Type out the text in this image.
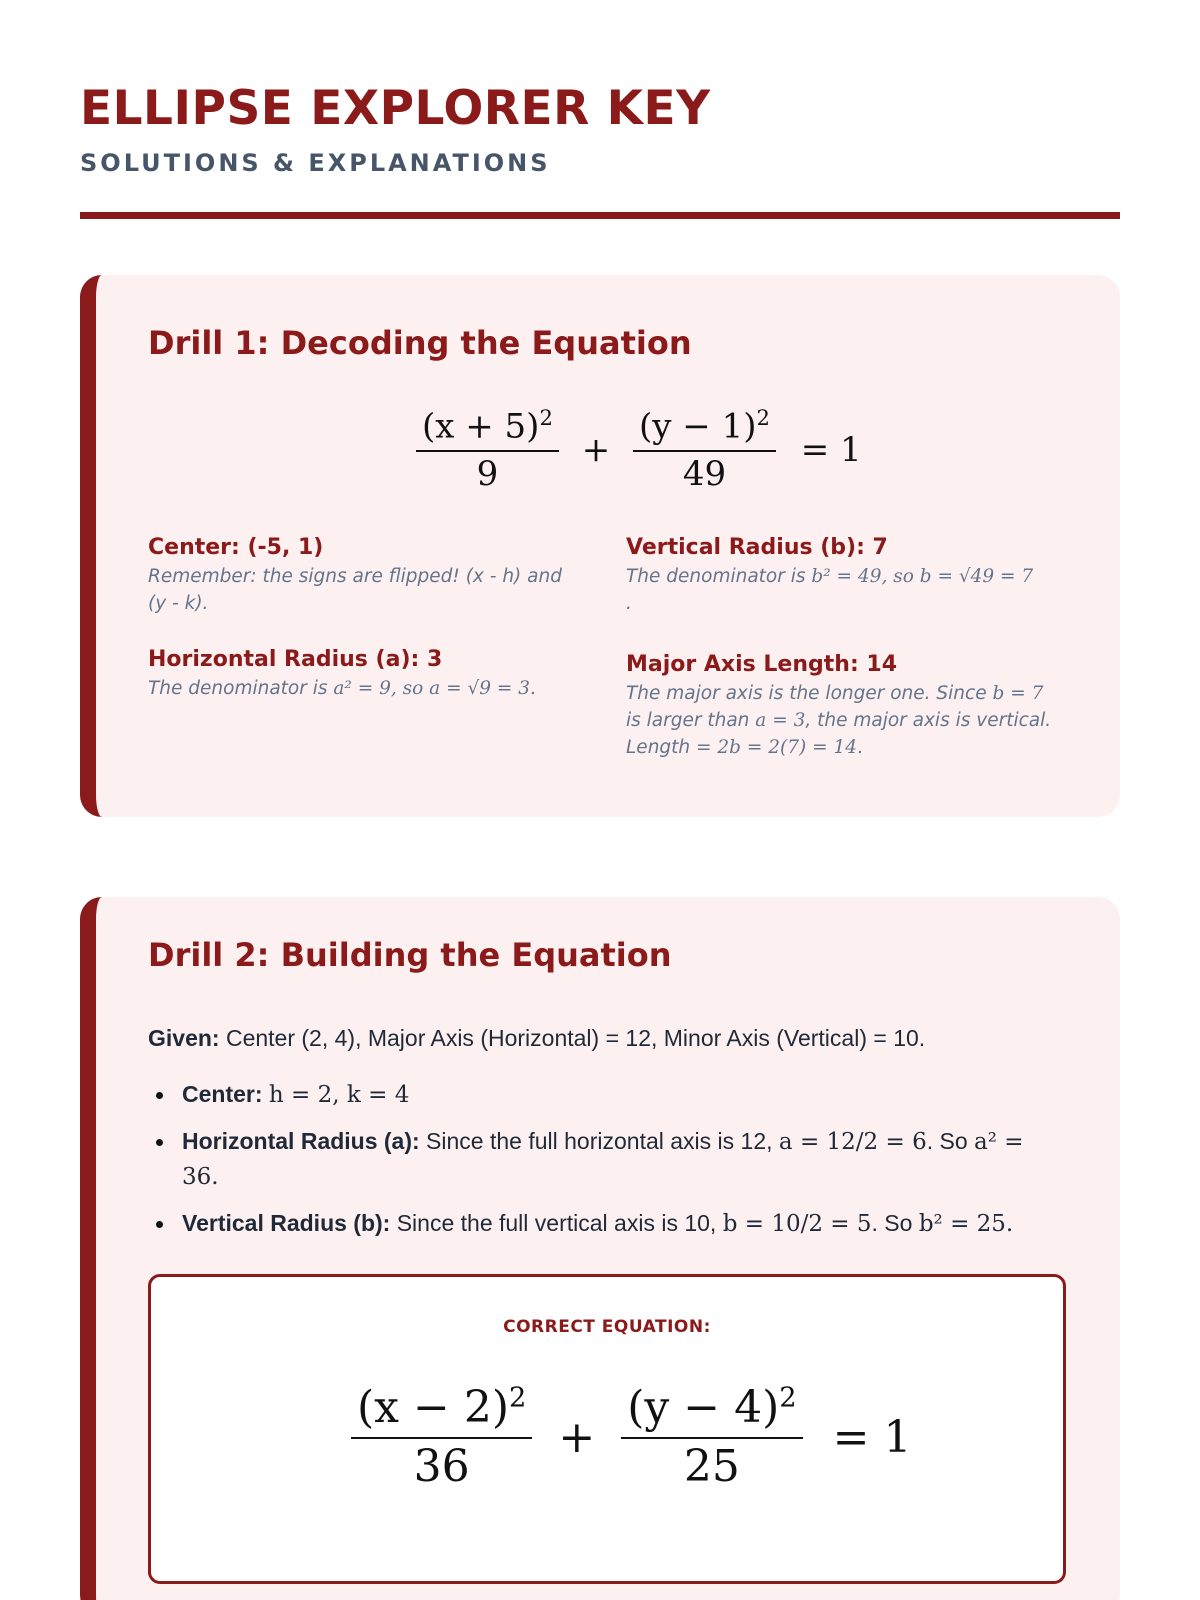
ELLIPSE EXPLORER KEY
SOLUTIONS & EXPLANATIONS
Drill 1: Decoding the Equation
$\frac{(x + 5)^2}{9} + \frac{(y - 1)^2}{49} = 1$
Center: (-5, 1)
Remember: the signs are flipped! (x - h) and (y - k).
Vertical Radius (b): 7
The denominator is b² = 49, so b = √49 = 7
.
Horizontal Radius (a): 3
The denominator is a² = 9, so a = √9 = 3.
Major Axis Length: 14
The major axis is the longer one. Since b = 7 is larger than a = 3, the major axis is vertical. Length = 2b = 2(7) = 14.
Drill 2: Building the Equation
Given: Center (2, 4), Major Axis (Horizontal) = 12, Minor Axis (Vertical) = 10.
Center: h = 2, k = 4
Horizontal Radius (a): Since the full horizontal axis is 12, a = 12/2 = 6. So a² = 36.
Vertical Radius (b): Since the full vertical axis is 10, b = 10/2 = 5. So b² = 25.
CORRECT EQUATION:
$\frac{(x - 2)^2}{36} + \frac{(y - 4)^2}{25} = 1$
